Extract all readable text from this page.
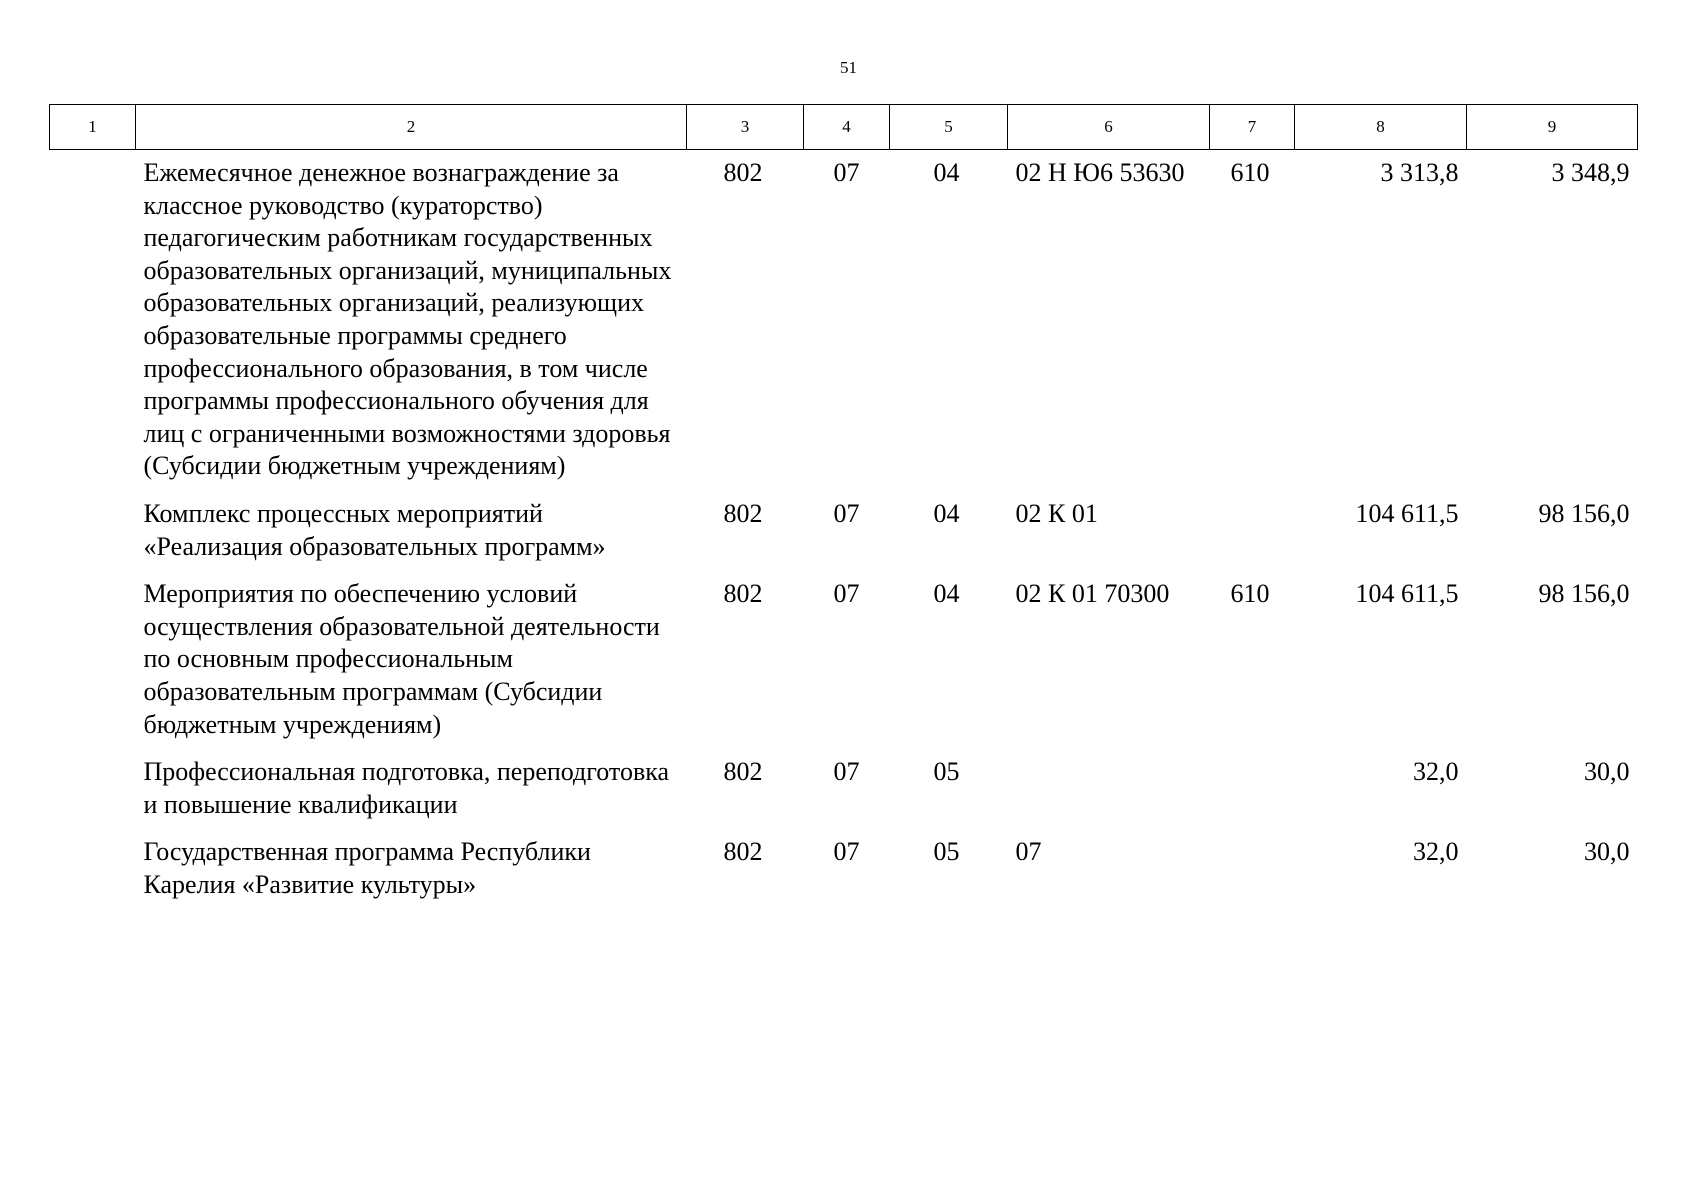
51
1	2	3	4	5	6	7	8	9
	Ежемесячное денежное вознаграждение за классное руководство (кураторство) педагогическим работникам государственных образовательных организаций, муниципальных образовательных организаций, реализующих образовательные программы среднего профессионального образования, в том числе программы профессионального обучения для лиц с ограниченными возможностями здоровья (Субсидии бюджетным учреждениям)	802	07	04	02 Н Ю6 53630	610	3 313,8	3 348,9
	Комплекс процессных мероприятий «Реализация образовательных программ»	802	07	04	02 К 01		104 611,5	98 156,0
	Мероприятия по обеспечению условий осуществления образовательной деятельности по основным профессиональным образовательным программам (Субсидии бюджетным учреждениям)	802	07	04	02 К 01 70300	610	104 611,5	98 156,0
	Профессиональная подготовка, переподготовка и повышение квалификации	802	07	05			32,0	30,0
	Государственная программа Республики Карелия «Развитие культуры»	802	07	05	07		32,0	30,0
